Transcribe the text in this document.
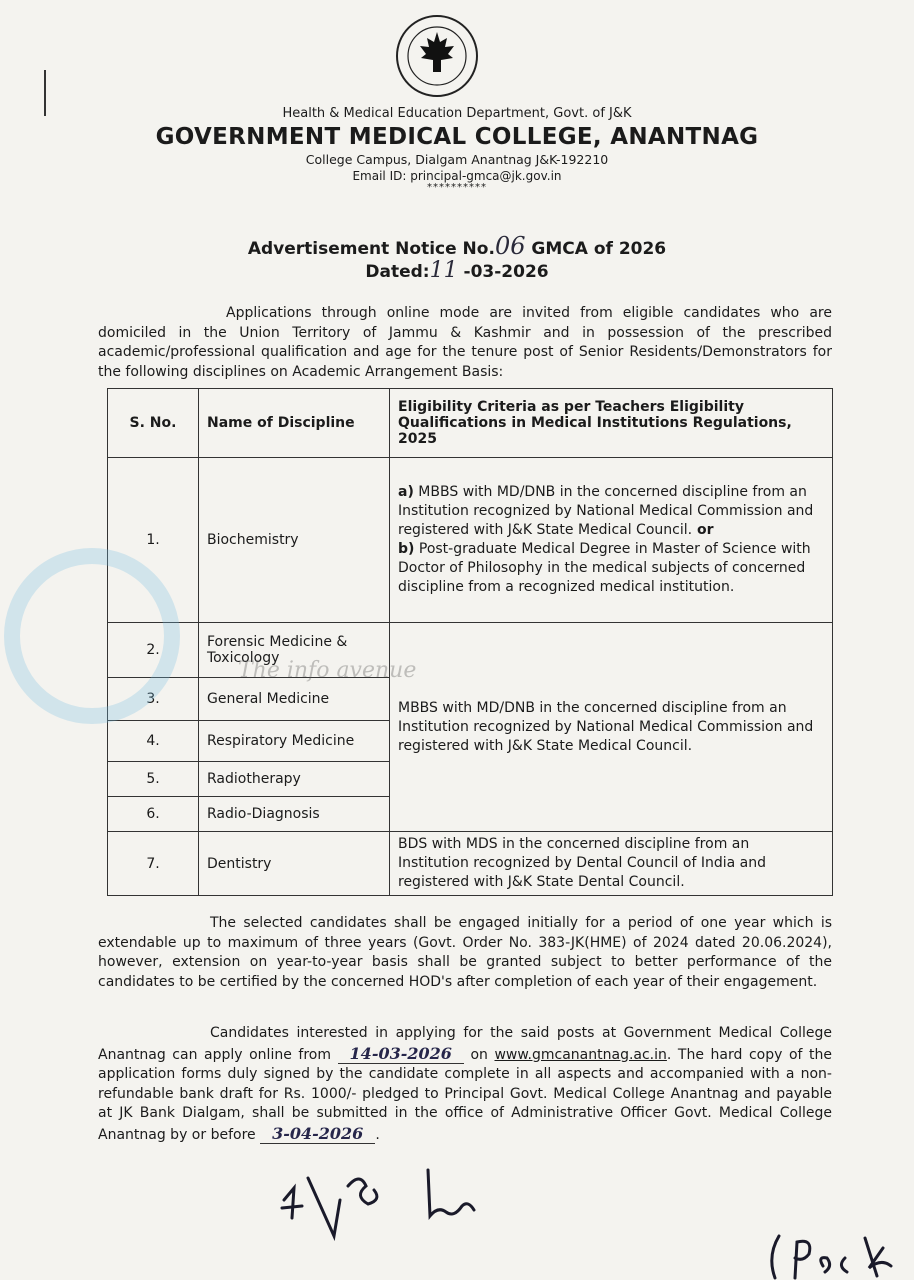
Health & Medical Education Department, Govt. of J&K
GOVERNMENT MEDICAL COLLEGE, ANANTNAG
College Campus, Dialgam Anantnag J&K-192210
Email ID: principal-gmca@jk.gov.in
**********
Advertisement Notice No.06 GMCA of 2026
Dated:11 -03-2026
Applications through online mode are invited from eligible candidates who are domiciled in the Union Territory of Jammu & Kashmir and in possession of the prescribed academic/professional qualification and age for the tenure post of Senior Residents/Demonstrators for the following disciplines on Academic Arrangement Basis:
S. No.	Name of Discipline	Eligibility Criteria as per Teachers Eligibility Qualifications in Medical Institutions Regulations, 2025
1.	Biochemistry	a) MBBS with MD/DNB in the concerned discipline from an Institution recognized by National Medical Commission and registered with J&K State Medical Council. or
b) Post-graduate Medical Degree in Master of Science with Doctor of Philosophy in the medical subjects of concerned discipline from a recognized medical institution.
2.	Forensic Medicine & Toxicology	MBBS with MD/DNB in the concerned discipline from an Institution recognized by National Medical Commission and registered with J&K State Medical Council.
3.	General Medicine	
4.	Respiratory Medicine	
5.	Radiotherapy	
6.	Radio-Diagnosis	
7.	Dentistry	BDS with MDS in the concerned discipline from an Institution recognized by Dental Council of India and registered with J&K State Dental Council.
The info avenue
The selected candidates shall be engaged initially for a period of one year which is extendable up to maximum of three years (Govt. Order No. 383-JK(HME) of 2024 dated 20.06.2024), however, extension on year-to-year basis shall be granted subject to better performance of the candidates to be certified by the concerned HOD's after completion of each year of their engagement.
Candidates interested in applying for the said posts at Government Medical College Anantnag can apply online from 14-03-2026 on www.gmcanantnag.ac.in. The hard copy of the application forms duly signed by the candidate complete in all aspects and accompanied with a non-refundable bank draft for Rs. 1000/- pledged to Principal Govt. Medical College Anantnag and payable at JK Bank Dialgam, shall be submitted in the office of Administrative Officer Govt. Medical College Anantnag by or before 3-04-2026 .
